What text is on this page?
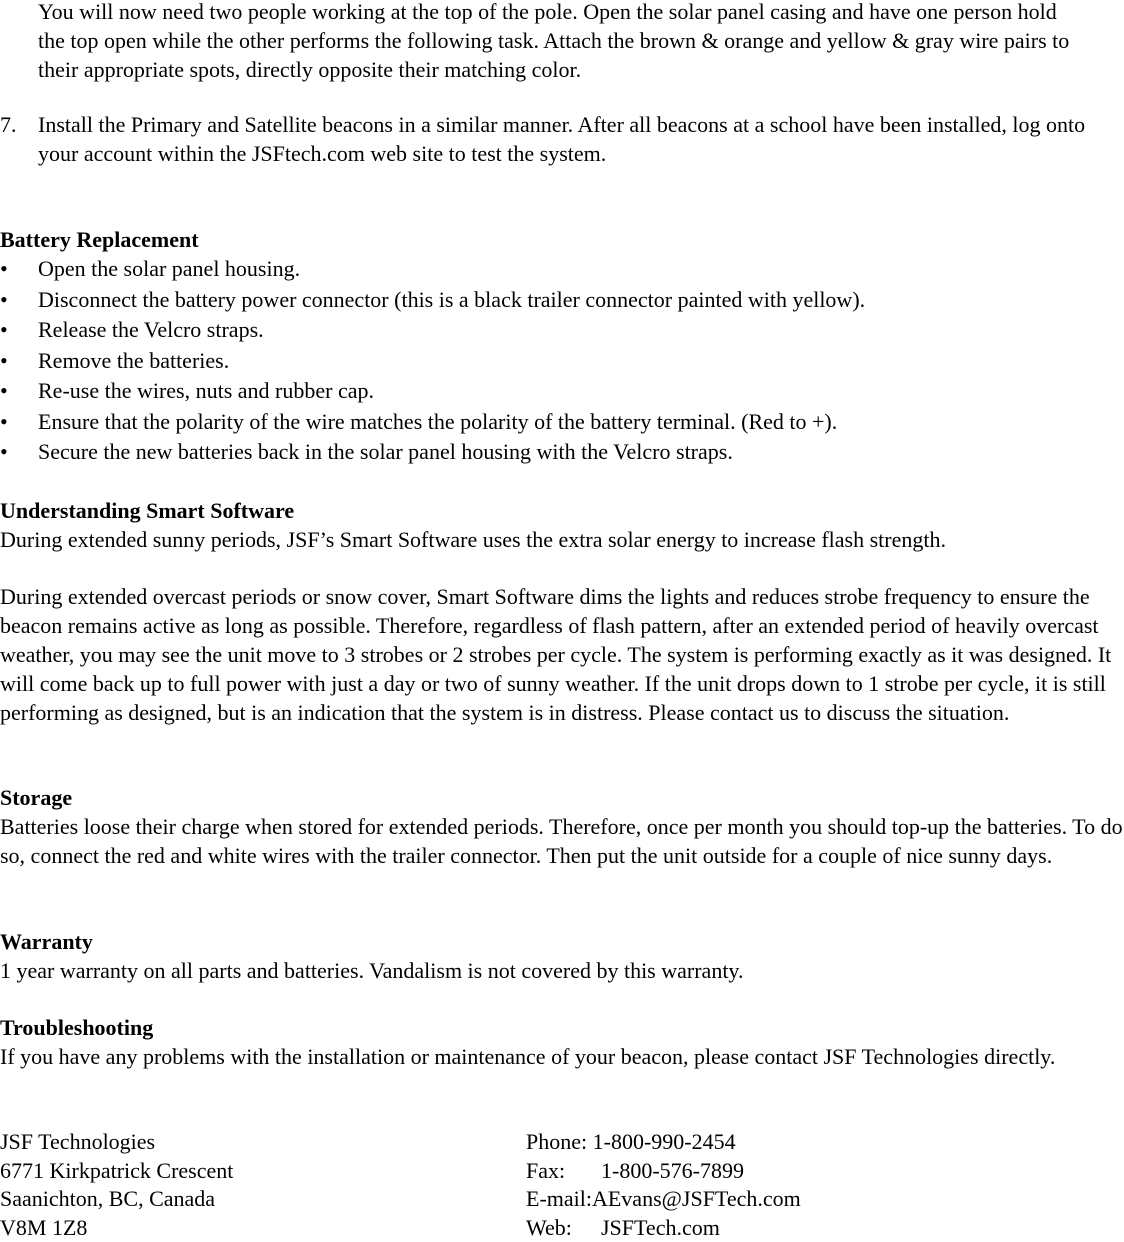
You will now need two people working at the top of the pole. Open the solar panel casing and have one person hold the top open while the other performs the following task. Attach the brown & orange and yellow & gray wire pairs to their appropriate spots, directly opposite their matching color.

7. Install the Primary and Satellite beacons in a similar manner. After all beacons at a school have been installed, log onto your account within the JSFtech.com web site to test the system.
Battery Replacement
• Open the solar panel housing.
• Disconnect the battery power connector (this is a black trailer connector painted with yellow).
• Release the Velcro straps.
• Remove the batteries.
• Re-use the wires, nuts and rubber cap.
• Ensure that the polarity of the wire matches the polarity of the battery terminal. (Red to +).
• Secure the new batteries back in the solar panel housing with the Velcro straps.
Understanding Smart Software

During extended sunny periods, JSF’s Smart Software uses the extra solar energy to increase flash strength.

During extended overcast periods or snow cover, Smart Software dims the lights and reduces strobe frequency to ensure the beacon remains active as long as possible. Therefore, regardless of flash pattern, after an extended period of heavily overcast weather, you may see the unit move to 3 strobes or 2 strobes per cycle. The system is performing exactly as it was designed. It will come back up to full power with just a day or two of sunny weather. If the unit drops down to 1 strobe per cycle, it is still performing as designed, but is an indication that the system is in distress. Please contact us to discuss the situation.

Storage

Batteries loose their charge when stored for extended periods. Therefore, once per month you should top-up the batteries. To do so, connect the red and white wires with the trailer connector. Then put the unit outside for a couple of nice sunny days.

Warranty

1 year warranty on all parts and batteries. Vandalism is not covered by this warranty.

Troubleshooting

If you have any problems with the installation or maintenance of your beacon, please contact JSF Technologies directly.

JSF Technologies
6771 Kirkpatrick Crescent
Saanichton, BC, Canada
V8M 1Z8
Phone: 1-800-990-2454
Fax: 1-800-576-7899
E-mail:AEvans@JSFTech.com
Web: JSFTech.com
